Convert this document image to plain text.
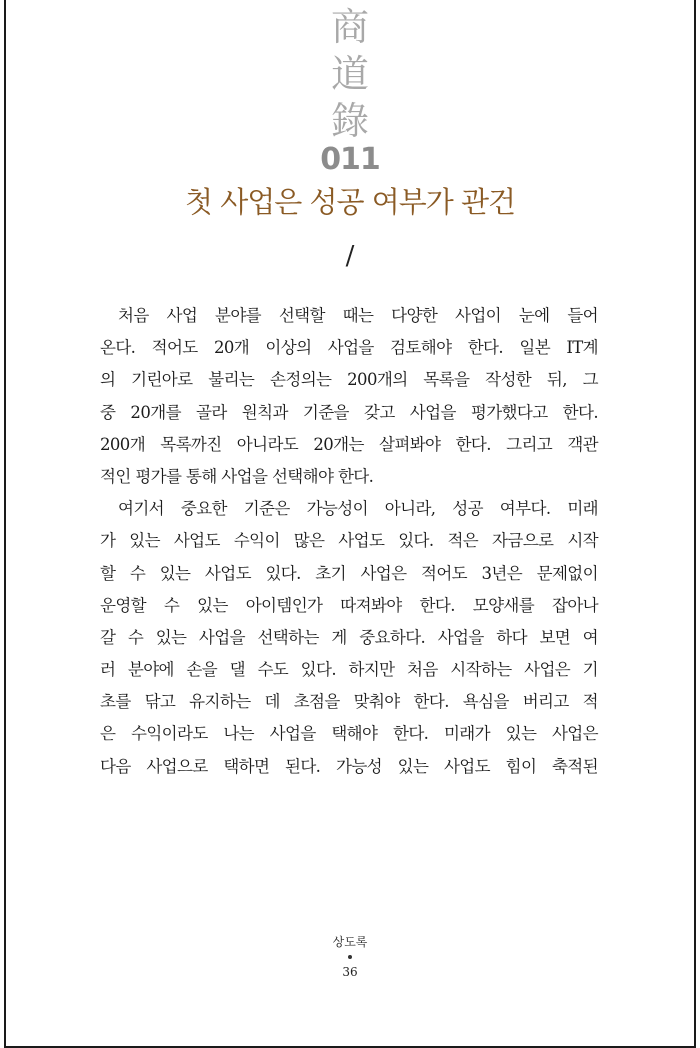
商
道
錄
011
첫 사업은 성공 여부가 관건
/
처음 사업 분야를 선택할 때는 다양한 사업이 눈에 들어
온다. 적어도 20개 이상의 사업을 검토해야 한다. 일본 IT계
의 기린아로 불리는 손정의는 200개의 목록을 작성한 뒤, 그
중 20개를 골라 원칙과 기준을 갖고 사업을 평가했다고 한다.
200개 목록까진 아니라도 20개는 살펴봐야 한다. 그리고 객관
적인 평가를 통해 사업을 선택해야 한다.
여기서 중요한 기준은 가능성이 아니라, 성공 여부다. 미래
가 있는 사업도 수익이 많은 사업도 있다. 적은 자금으로 시작
할 수 있는 사업도 있다. 초기 사업은 적어도 3년은 문제없이
운영할 수 있는 아이템인가 따져봐야 한다. 모양새를 잡아나
갈 수 있는 사업을 선택하는 게 중요하다. 사업을 하다 보면 여
러 분야에 손을 댈 수도 있다. 하지만 처음 시작하는 사업은 기
초를 닦고 유지하는 데 초점을 맞춰야 한다. 욕심을 버리고 적
은 수익이라도 나는 사업을 택해야 한다. 미래가 있는 사업은
다음 사업으로 택하면 된다. 가능성 있는 사업도 힘이 축적된
상도록
36
